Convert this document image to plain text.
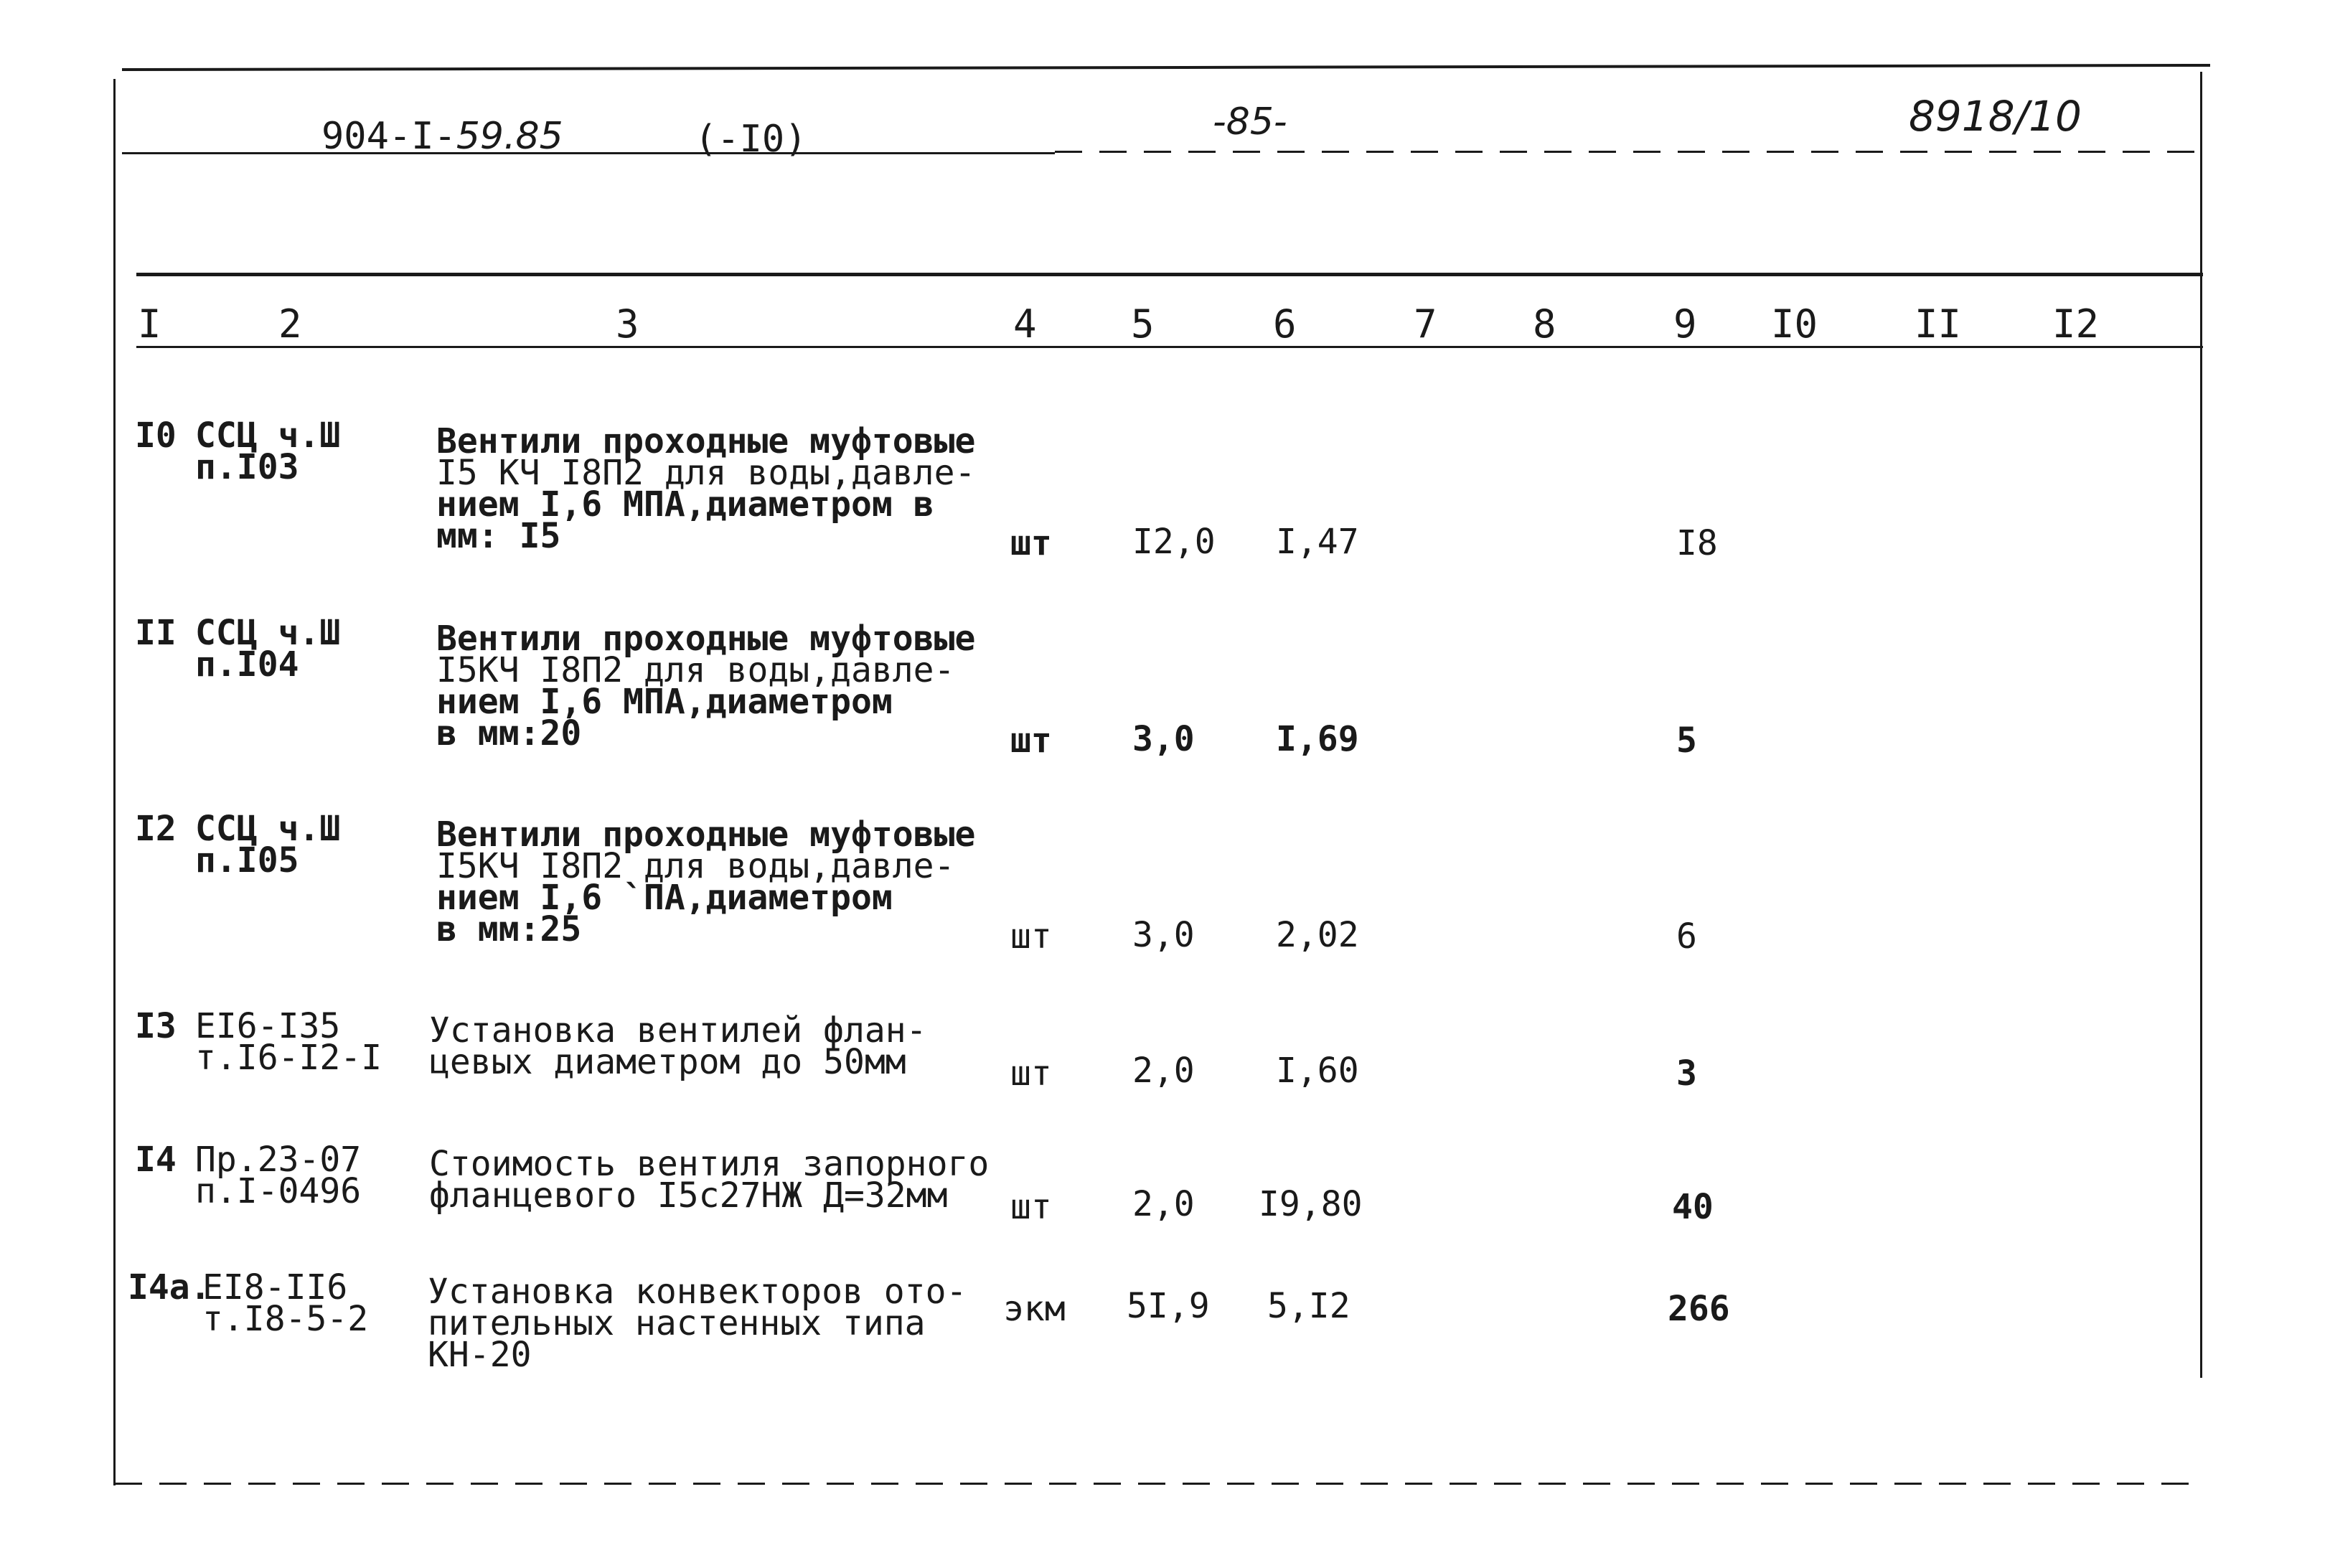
904-I-59.85	(-I0)	-85-	8918/10
I	2	3	4 5	6	7 8	9 I0 II I2
I0 ССЦ ч.Ш
п.I03
Вентили проходные муфтовые
I5 КЧ I8П2 для воды,давле-
нием I,6 МПА,диаметром в
мм: I5	шт I2,0 I,47	I8
II ССЦ ч.Ш
п.I04
Вентили проходные муфтовые
I5КЧ I8П2 для воды,давле-
нием I,6 МПА,диаметром
в мм:20	шт 3,0 I,69	5
I2 ССЦ ч.Ш
п.I05
Вентили проходные муфтовые
I5КЧ I8П2 для воды,давле-
нием I,6 `ПА,диаметром
в мм:25	шт 3,0 2,02	6
I3 ЕI6-I35
т.I6-I2-I
Установка вентилей флан-
цевых диаметром до 50мм	шт 2,0 I,60	3
I4 Пр.23-07
п.I-0496
Стоимость вентиля запорного
фланцевого I5с27НЖ Д=32мм шт 2,0 I9,80	40
I4а.
ЕI8-II6
т.I8-5-2
Установка конвекторов ото-
пительных настенных типа
КН-20
экм 5I,9 5,I2	266
